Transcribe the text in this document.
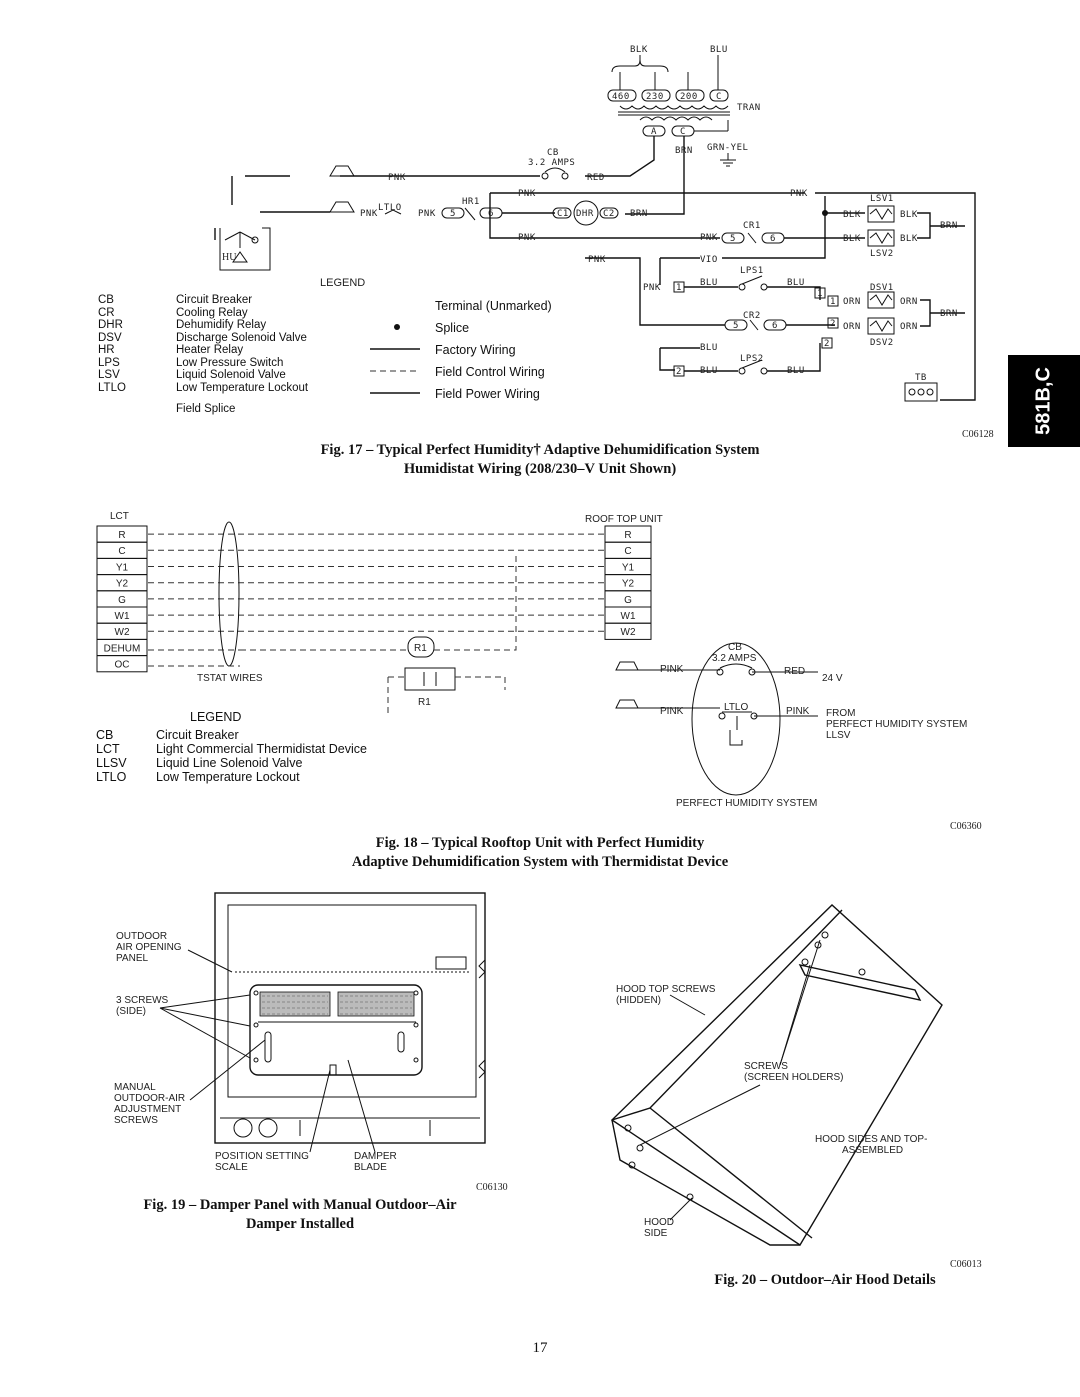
581B,C
BLK	BLU
460 230 200 C
TRAN
A	C
BRN GRN-YEL
CB
3.2 AMPS
RED
PNK
PNK
LTLO
PNK
HR1
5	6
PNK
C1 DHR C2 BRN
PNK	PNK
CR1
5	6
HU
PNK
BLK
LSV1
BLK
BRN
BLK	BLK
LSV2
PNK	VIO
PNK 1 BLU
LPS1
BLU
1
1 ORN
DSV1
ORN
BRN
CR2
5	6	2 ORN	ORN
DSV2
2
BLU
2 BLU
LPS2
BLU
TB
LEGEND
C06128
CB	Circuit Breaker
CR	Cooling Relay
DHR	Dehumidify Relay
DSV	Discharge Solenoid Valve
HR	Heater Relay
LPS	Low Pressure Switch
LSV	Liquid Solenoid Valve
LTLO	Low Temperature Lockout
Field Splice
Terminal (Unmarked)
Splice
Factory Wiring
Field Control Wiring
Field Power Wiring
Fig. 17 – Typical Perfect Humidity† Adaptive Dehumidification System
Humidistat Wiring (208/230–V Unit Shown)
LCT
R
C
Y1
Y2
G
W1
W2
DEHUM
OC
ROOF TOP UNIT
R
C
Y1
Y2
G
W1
W2
TSTAT WIRES
R1
R1
CB
3.2 AMPS
PINK	RED
24 V
PINK	LTLO	PINK FROM
PERFECT HUMIDITY SYSTEM
LLSV
PERFECT HUMIDITY SYSTEM
C06360
LEGEND
CB	Circuit Breaker
LCT	Light Commercial Thermidistat Device
LLSV	Liquid Line Solenoid Valve
LTLO	Low Temperature Lockout
Fig. 18 – Typical Rooftop Unit with Perfect Humidity
Adaptive Dehumidification System with Thermidistat Device
OUTDOOR
AIR OPENING
PANEL
3 SCREWS
(SIDE)
MANUAL
OUTDOOR-AIR
ADJUSTMENT
SCREWS
POSITION SETTING
SCALE
DAMPER
BLADE
C06130
Fig. 19 – Damper Panel with Manual Outdoor–Air
Damper Installed
HOOD TOP SCREWS
(HIDDEN)
SCREWS
(SCREEN HOLDERS)
HOOD SIDES AND TOP-
ASSEMBLED
HOOD
SIDE
C06013
Fig. 20 – Outdoor–Air Hood Details
17
